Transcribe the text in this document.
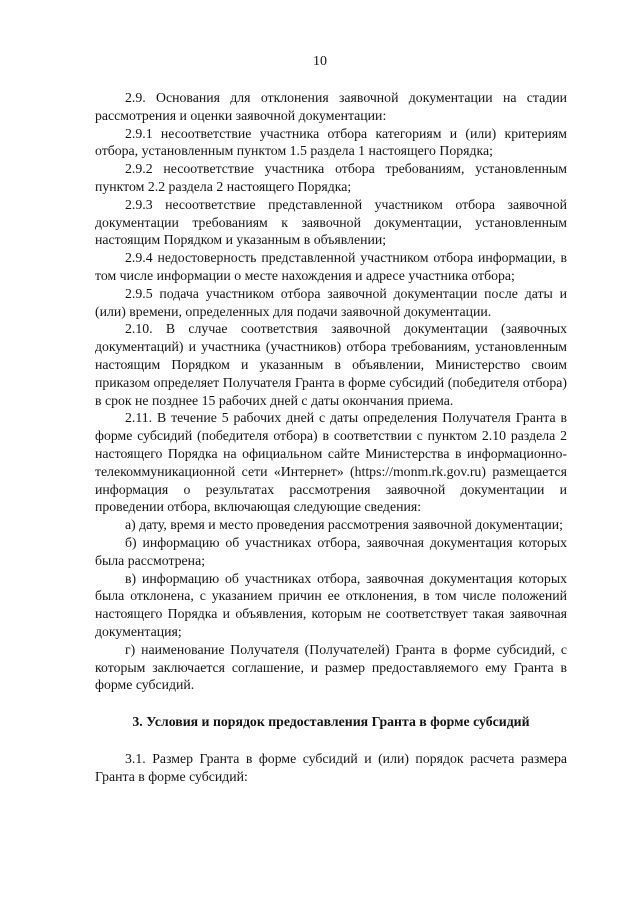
10

2.9. Основания для отклонения заявочной документации на стадии рассмотрения и оценки заявочной документации:

2.9.1 несоответствие участника отбора категориям и (или) критериям отбора, установленным пунктом 1.5 раздела 1 настоящего Порядка;

2.9.2 несоответствие участника отбора требованиям, установленным пунктом 2.2 раздела 2 настоящего Порядка;

2.9.3 несоответствие представленной участником отбора заявочной документации требованиям к заявочной документации, установленным настоящим Порядком и указанным в объявлении;

2.9.4 недостоверность представленной участником отбора информации, в том числе информации о месте нахождения и адресе участника отбора;

2.9.5 подача участником отбора заявочной документации после даты и (или) времени, определенных для подачи заявочной документации.

2.10. В случае соответствия заявочной документации (заявочных документаций) и участника (участников) отбора требованиям, установленным настоящим Порядком и указанным в объявлении, Министерство своим приказом определяет Получателя Гранта в форме субсидий (победителя отбора) в срок не позднее 15 рабочих дней с даты окончания приема.

2.11. В течение 5 рабочих дней с даты определения Получателя Гранта в форме субсидий (победителя отбора) в соответствии с пунктом 2.10 раздела 2 настоящего Порядка на официальном сайте Министерства в информационно-телекоммуникационной сети «Интернет» (https://monm.rk.gov.ru) размещается информация о результатах рассмотрения заявочной документации и проведении отбора, включающая следующие сведения:

а) дату, время и место проведения рассмотрения заявочной документации;

б) информацию об участниках отбора, заявочная документация которых была рассмотрена;

в) информацию об участниках отбора, заявочная документация которых была отклонена, с указанием причин ее отклонения, в том числе положений настоящего Порядка и объявления, которым не соответствует такая заявочная документация;

г) наименование Получателя (Получателей) Гранта в форме субсидий, с которым заключается соглашение, и размер предоставляемого ему Гранта в форме субсидий.

3. Условия и порядок предоставления Гранта в форме субсидий

3.1. Размер Гранта в форме субсидий и (или) порядок расчета размера Гранта в форме субсидий:
